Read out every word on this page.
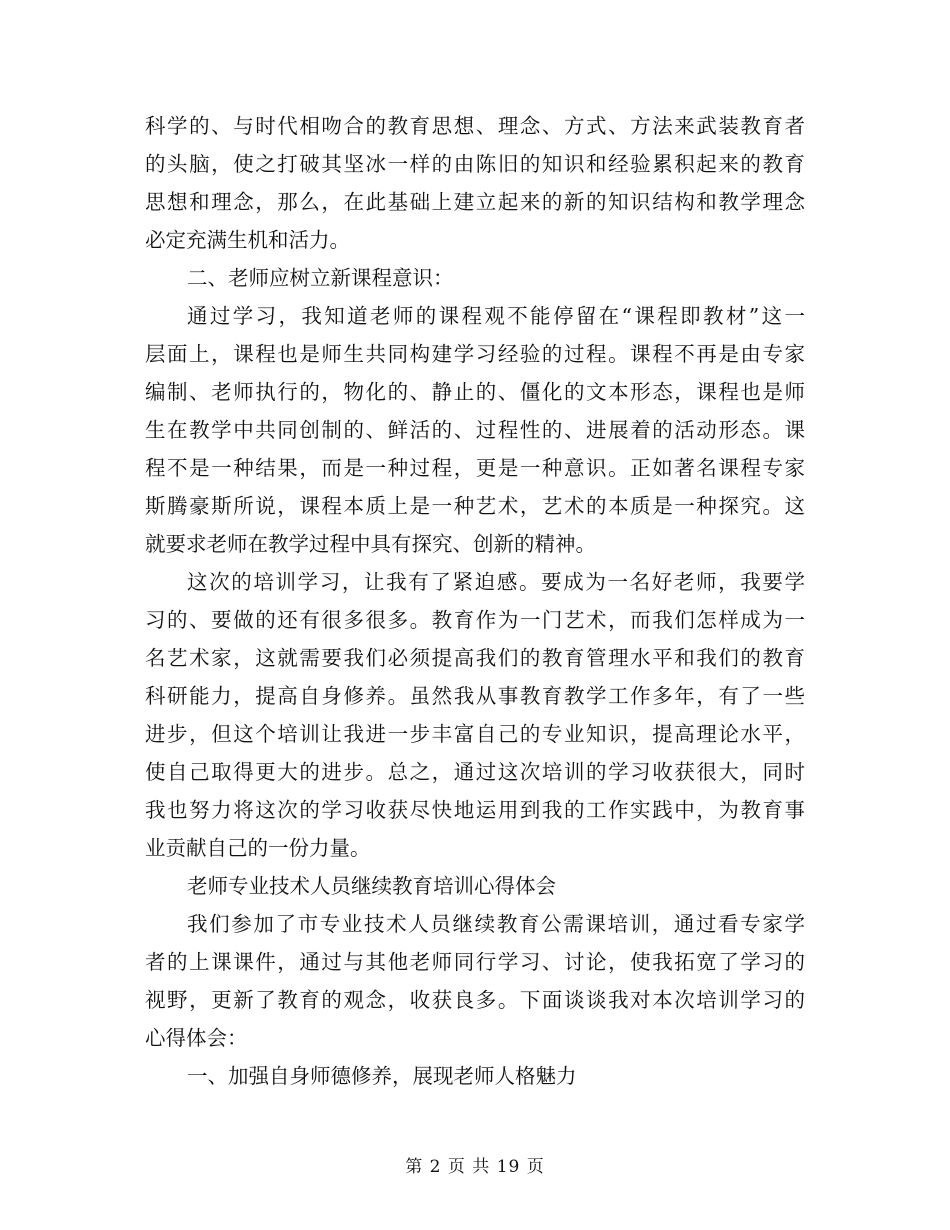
科学的、与时代相吻合的教育思想、理念、方式、方法来武装教育者
的头脑，使之打破其坚冰一样的由陈旧的知识和经验累积起来的教育
思想和理念，那么，在此基础上建立起来的新的知识结构和教学理念
必定充满生机和活力。
二、老师应树立新课程意识：
通过学习，我知道老师的课程观不能停留在“课程即教材”这一
层面上，课程也是师生共同构建学习经验的过程。课程不再是由专家
编制、老师执行的，物化的、静止的、僵化的文本形态，课程也是师
生在教学中共同创制的、鲜活的、过程性的、进展着的活动形态。课
程不是一种结果，而是一种过程，更是一种意识。正如著名课程专家
斯腾豪斯所说，课程本质上是一种艺术，艺术的本质是一种探究。这
就要求老师在教学过程中具有探究、创新的精神。
这次的培训学习，让我有了紧迫感。要成为一名好老师，我要学
习的、要做的还有很多很多。教育作为一门艺术，而我们怎样成为一
名艺术家，这就需要我们必须提高我们的教育管理水平和我们的教育
科研能力，提高自身修养。虽然我从事教育教学工作多年，有了一些
进步，但这个培训让我进一步丰富自己的专业知识，提高理论水平，
使自己取得更大的进步。总之，通过这次培训的学习收获很大，同时
我也努力将这次的学习收获尽快地运用到我的工作实践中，为教育事
业贡献自己的一份力量。
老师专业技术人员继续教育培训心得体会
我们参加了市专业技术人员继续教育公需课培训，通过看专家学
者的上课课件，通过与其他老师同行学习、讨论，使我拓宽了学习的
视野，更新了教育的观念，收获良多。下面谈谈我对本次培训学习的
心得体会：
一、加强自身师德修养，展现老师人格魅力
第 2 页 共 19 页
